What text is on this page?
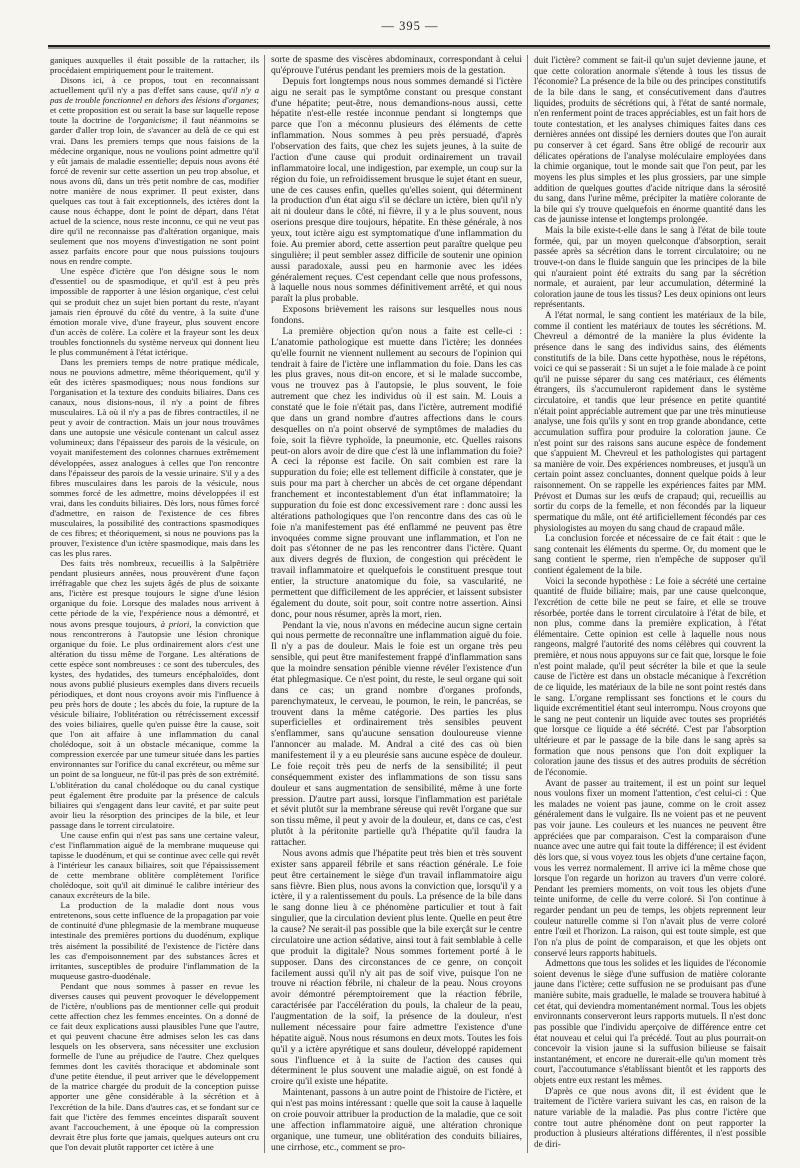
— 395 —

ganiques auxquelles il était possible de la rattacher, ils procédaient empiriquement pour le traitement.

Disons ici, à ce propos, tout en reconnaissant actuellement qu'il n'y a pas d'effet sans cause, qu'il n'y a pas de trouble fonctionnel en dehors des lésions d'organes; et cette proposition est ou serait la base sur laquelle repose toute la doctrine de l'organicisme; il faut néanmoins se garder d'aller trop loin, de s'avancer au delà de ce qui est vrai. Dans les premiers temps que nous faisions de la médecine organique, nous ne voulions point admettre qu'il y eût jamais de maladie essentielle; depuis nous avons été forcé de revenir sur cette assertion un peu trop absolue, et nous avons dû, dans un très petit nombre de cas, modifier notre manière de nous exprimer. Il peut exister, dans quelques cas tout à fait exceptionnels, des ictères dont la cause nous échappe, dont le point de départ, dans l'état actuel de la science, nous reste inconnu, ce qui ne veut pas dire qu'il ne reconnaisse pas d'altération organique, mais seulement que nos moyens d'investigation ne sont point assez parfaits encore pour que nous puissions toujours nous en rendre compte.

Une espèce d'ictère que l'on désigne sous le nom d'essentiel ou de spasmodique, et qu'il est à peu près impossible de rapporter à une lésion organique, c'est celui qui se produit chez un sujet bien portant du reste, n'ayant jamais rien éprouvé du côté du ventre, à la suite d'une émotion morale vive, d'une frayeur, plus souvent encore d'un accès de colère. La colère et la frayeur sont les deux troubles fonctionnels du système nerveux qui donnent lieu le plus communément à l'état ictérique.

Dans les premiers temps de notre pratique médicale, nous ne pouvions admettre, même théoriquement, qu'il y eût des ictères spasmodiques; nous nous fondions sur l'organisation et la texture des conduits biliaires. Dans ces canaux, nous disions-nous, il n'y a point de fibres musculaires. Là où il n'y a pas de fibres contractiles, il ne peut y avoir de contraction. Mais un jour nous trouvâmes dans une autopsie une vésicule contenant un calcul assez volumineux; dans l'épaisseur des parois de la vésicule, on voyait manifestement des colonnes charnues extrêmement développées, assez analogues à celles que l'on rencontre dans l'épaisseur des parois de la vessie urinaire. S'il y a des fibres musculaires dans les parois de la vésicule, nous sommes forcé de les admettre, moins développées il est vrai, dans les conduits biliaires. Dès lors, nous fûmes forcé d'admettre, en raison de l'existence de ces fibres musculaires, la possibilité des contractions spasmodiques de ces fibres; et théoriquement, si nous ne pouvions pas la prouver, l'existence d'un ictère spasmodique, mais dans les cas les plus rares.

Des faits très nombreux, recueillis à la Salpêtrière pendant plusieurs années, nous prouvèrent d'une façon irréfragable que chez les sujets âgés de plus de soixante ans, l'ictère est presque toujours le signe d'une lésion organique du foie. Lorsque des malades nous arrivent à cette période de la vie, l'expérience nous a démontré, et nous avons presque toujours, à priori, la conviction que nous rencontrerons à l'autopsie une lésion chronique organique du foie. Le plus ordinairement alors c'est une altération du tissu même de l'organe. Les altérations de cette espèce sont nombreuses : ce sont des tubercules, des kystes, des hydatides, des tumeurs encéphaloïdes, dont nous avons publié plusieurs exemples dans divers recueils périodiques, et dont nous croyons avoir mis l'influence à peu près hors de doute ; les abcès du foie, la rupture de la vésicule biliaire, l'oblitération ou rétrécissement excessif des voies biliaires, quelle qu'en puisse être la cause, soit que l'on ait affaire à une inflammation du canal cholédoque, soit à un obstacle mécanique, comme la compression exercée par une tumeur située dans les parties environnantes sur l'orifice du canal excréteur, ou même sur un point de sa longueur, ne fût-il pas près de son extrémité. L'oblitération du canal cholédoque ou du canal cystique peut également être produite par la présence de calculs biliaires qui s'engagent dans leur cavité, et par suite peut avoir lieu la résorption des principes de la bile, et leur passage dans le torrent circulatoire.

Une cause enfin qui n'est pas sans une certaine valeur, c'est l'inflammation aiguë de la membrane muqueuse qui tapisse le duodénum, et qui se continue avec celle qui revêt à l'intérieur les canaux biliaires, soit que l'épaississement de cette membrane oblitère complètement l'orifice cholédoque, soit qu'il ait diminué le calibre intérieur des canaux excréteurs de la bile.

La production de la maladie dont nous vous entretenons, sous cette influence de la propagation par voie de continuité d'une phlegmasie de la membrane muqueuse intestinale des premières portions du duodénum, explique très aisément la possibilité de l'existence de l'ictère dans les cas d'empoisonnement par des substances âcres et irritantes, susceptibles de produire l'inflammation de la muqueuse gastro-duodénale.

Pendant que nous sommes à passer en revue les diverses causes qui peuvent provoquer le développement de l'ictère, n'oublions pas de mentionner celle qui produit cette affection chez les femmes enceintes. On a donné de ce fait deux explications aussi plausibles l'une que l'autre, et qui peuvent chacune être admises selon les cas dans lesquels on les observera, sans nécessiter une exclusion formelle de l'une au préjudice de l'autre. Chez quelques femmes dont les cavités thoracique et abdominale sont d'une petite étendue, il peut arriver que le développement de la matrice chargée du produit de la conception puisse apporter une gêne considérable à la sécrétion et à l'excrétion de la bile. Dans d'autres cas, et se fondant sur ce fait que l'ictère des femmes enceintes disparaît souvent avant l'accouchement, à une époque où la compression devrait être plus forte que jamais, quelques auteurs ont cru que l'on devait plutôt rapporter cet ictère à une

sorte de spasme des viscères abdominaux, correspondant à celui qu'éprouve l'utérus pendant les premiers mois de la gestation.

Depuis fort longtemps nous nous sommes demandé si l'ictère aigu ne serait pas le symptôme constant ou presque constant d'une hépatite; peut-être, nous demandions-nous aussi, cette hépatite n'est-elle restée inconnue pendant si longtemps que parce que l'on a méconnu plusieurs des éléments de cette inflammation. Nous sommes à peu près persuadé, d'après l'observation des faits, que chez les sujets jeunes, à la suite de l'action d'une cause qui produit ordinairement un travail inflammatoire local, une indigestion, par exemple, un coup sur la région du foie, un refroidissement brusque le sujet étant en sueur, une de ces causes enfin, quelles qu'elles soient, qui déterminent la production d'un état aigu s'il se déclare un ictère, bien qu'il n'y ait ni douleur dans le côté, ni fièvre, il y a le plus souvent, nous oserions presque dire toujours, hépatite. En thèse générale, à nos yeux, tout ictère aigu est symptomatique d'une inflammation du foie. Au premier abord, cette assertion peut paraître quelque peu singulière; il peut sembler assez difficile de soutenir une opinion aussi paradoxale, aussi peu en harmonie avec les idées généralement reçues. C'est cependant celle que nous professons, à laquelle nous nous sommes définitivement arrêté, et qui nous paraît la plus probable.

Exposons brièvement les raisons sur lesquelles nous nous fondons.

La première objection qu'on nous a faite est celle-ci : L'anatomie pathologique est muette dans l'ictère; les données qu'elle fournit ne viennent nullement au secours de l'opinion qui tendrait à faire de l'ictère une inflammation du foie. Dans les cas les plus graves, nous dit-on encore, et si le malade succombe, vous ne trouvez pas à l'autopsie, le plus souvent, le foie autrement que chez les individus où il est sain. M. Louis a constaté que le foie n'était pas, dans l'ictère, autrement modifié que dans un grand nombre d'autres affections dans le cours desquelles on n'a point observé de symptômes de maladies du foie, soit la fièvre typhoïde, la pneumonie, etc. Quelles raisons peut-on alors avoir de dire que c'est là une inflammation du foie? A ceci la réponse est facile. On sait combien est rare la suppuration du foie; elle est tellement difficile à constater, que je suis pour ma part à chercher un abcès de cet organe dépendant franchement et incontestablement d'un état inflammatoire; la suppuration du foie est donc excessivement rare : donc aussi les altérations pathologiques que l'on rencontre dans des cas où le foie n'a manifestement pas été enflammé ne peuvent pas être invoquées comme signe prouvant une inflammation, et l'on ne doit pas s'étonner de ne pas les rencontrer dans l'ictère. Quant aux divers degrés de fluxion, de congestion qui précèdent le travail inflammatoire et quelquefois le constituent presque tout entier, la structure anatomique du foie, sa vascularité, ne permettent que difficilement de les apprécier, et laissent subsister également du doute, soit pour, soit contre notre assertion. Ainsi donc, pour nous résumer, après la mort, rien.

Pendant la vie, nous n'avons en médecine aucun signe certain qui nous permette de reconnaître une inflammation aiguë du foie. Il n'y a pas de douleur. Mais le foie est un organe très peu sensible, qui peut être manifestement frappé d'inflammation sans que la moindre sensation pénible vienne révéler l'existence d'un état phlegmasique. Ce n'est point, du reste, le seul organe qui soit dans ce cas; un grand nombre d'organes profonds, parenchymateux, le cerveau, le poumon, le rein, le pancréas, se trouvent dans la même catégorie. Des parties les plus superficielles et ordinairement très sensibles peuvent s'enflammer, sans qu'aucune sensation douloureuse vienne l'annoncer au malade. M. Andral a cité des cas où bien manifestement il y a eu pleurésie sans aucune espèce de douleur. Le foie reçoit très peu de nerfs de la sensibilité; il peut conséquemment exister des inflammations de son tissu sans douleur et sans augmentation de sensibilité, même à une forte pression. D'autre part aussi, lorsque l'inflammation est pariétale et sévit plutôt sur la membrane séreuse qui revêt l'organe que sur son tissu même, il peut y avoir de la douleur, et, dans ce cas, c'est plutôt à la péritonite partielle qu'à l'hépatite qu'il faudra la rattacher.

Nous avons admis que l'hépatite peut très bien et très souvent exister sans appareil fébrile et sans réaction générale. Le foie peut être certainement le siège d'un travail inflammatoire aigu sans fièvre. Bien plus, nous avons la conviction que, lorsqu'il y a ictère, il y a ralentissement du pouls. La présence de la bile dans le sang donne lieu à ce phénomène particulier et tout à fait singulier, que la circulation devient plus lente. Quelle en peut être la cause? Ne serait-il pas possible que la bile exerçât sur le centre circulatoire une action sédative, ainsi tout à fait semblable à celle que produit la digitale? Nous sommes fortement porté à le supposer. Dans des circonstances de ce genre, on conçoit facilement aussi qu'il n'y ait pas de soif vive, puisque l'on ne trouve ni réaction fébrile, ni chaleur de la peau. Nous croyons avoir démontré péremptoirement que la réaction fébrile, caractérisée par l'accélération du pouls, la chaleur de la peau, l'augmentation de la soif, la présence de la douleur, n'est nullement nécessaire pour faire admettre l'existence d'une hépatite aiguë. Nous nous résumons en deux mots. Toutes les fois qu'il y a ictère apyrétique et sans douleur, développé rapidement sous l'influence et à la suite de l'action des causes qui déterminent le plus souvent une maladie aiguë, on est fondé à croire qu'il existe une hépatite.

Maintenant, passons à un autre point de l'histoire de l'ictère, et qui n'est pas moins intéressant : quelle que soit la cause à laquelle on croie pouvoir attribuer la production de la maladie, que ce soit une affection inflammatoire aiguë, une altération chronique organique, une tumeur, une oblitération des conduits biliaires, une cirrhose, etc., comment se pro-

duit l'ictère? comment se fait-il qu'un sujet devienne jaune, et que cette coloration anormale s'étende à tous les tissus de l'économie? La présence de la bile ou des principes constitutifs de la bile dans le sang, et consécutivement dans d'autres liquides, produits de sécrétions qui, à l'état de santé normale, n'en renferment point de traces appréciables, est un fait hors de toute contestation, et les analyses chimiques faites dans ces dernières années ont dissipé les derniers doutes que l'on aurait pu conserver à cet égard. Sans être obligé de recourir aux délicates opérations de l'analyse moléculaire employées dans la chimie organique, tout le monde sait que l'on peut, par les moyens les plus simples et les plus grossiers, par une simple addition de quelques gouttes d'acide nitrique dans la sérosité du sang, dans l'urine même, précipiter la matière colorante de la bile qui s'y trouve quelquefois en énorme quantité dans les cas de jaunisse intense et longtemps prolongée.

Mais la bile existe-t-elle dans le sang à l'état de bile toute formée, qui, par un moyen quelconque d'absorption, serait passée après sa sécrétion dans le torrent circulatoire; ou ne trouve-t-on dans le fluide sanguin que les principes de la bile qui n'auraient point été extraits du sang par la sécrétion normale, et auraient, par leur accumulation, déterminé la coloration jaune de tous les tissus? Les deux opinions ont leurs représentants.

A l'état normal, le sang contient les matériaux de la bile, comme il contient les matériaux de toutes les sécrétions. M. Chevreul a démontré de la manière la plus évidente la présence dans le sang des individus sains, des éléments constitutifs de la bile. Dans cette hypothèse, nous le répétons, voici ce qui se passerait : Si un sujet a le foie malade à ce point qu'il ne puisse séparer du sang ces matériaux, ces éléments étrangers, ils s'accumuleront rapidement dans le système circulatoire, et tandis que leur présence en petite quantité n'était point appréciable autrement que par une très minutieuse analyse, une fois qu'ils y sont en trop grande abondance, cette accumulation suffira pour produire la coloration jaune. Ce n'est point sur des raisons sans aucune espèce de fondement que s'appuient M. Chevreul et les pathologistes qui partagent sa manière de voir. Des expériences nombreuses, et jusqu'à un certain point assez concluantes, donnent quelque poids à leur raisonnement. On se rappelle les expériences faites par MM. Prévost et Dumas sur les œufs de crapaud; qui, recueillis au sortir du corps de la femelle, et non fécondés par la liqueur spermatique du mâle, ont été artificiellement fécondés par ces physiologistes au moyen du sang chaud de crapaud mâle.

La conclusion forcée et nécessaire de ce fait était : que le sang contenait les éléments du sperme. Or, du moment que le sang contient le sperme, rien n'empêche de supposer qu'il contient également de la bile.

Voici la seconde hypothèse : Le foie a sécrété une certaine quantité de fluide biliaire; mais, par une cause quelconque, l'excrétion de cette bile ne peut se faire, et elle se trouve résorbée, portée dans le torrent circulatoire à l'état de bile, et non plus, comme dans la première explication, à l'état élémentaire. Cette opinion est celle à laquelle nous nous rangeons, malgré l'autorité des noms célèbres qui couvrent la première, et nous nous appuyons sur ce fait que, lorsque le foie n'est point malade, qu'il peut sécréter la bile et que la seule cause de l'ictère est dans un obstacle mécanique à l'excrétion de ce liquide, les matériaux de la bile ne sont point restés dans le sang. L'organe remplissant ses fonctions et le cours du liquide excrémentitiel étant seul interrompu. Nous croyons que le sang ne peut contenir un liquide avec toutes ses propriétés que lorsque ce liquide a été sécrété. C'est par l'absorption ultérieure et par le passage de la bile dans le sang après sa formation que nous pensons que l'on doit expliquer la coloration jaune des tissus et des autres produits de sécrétion de l'économie.

Avant de passer au traitement, il est un point sur lequel nous voulons fixer un moment l'attention, c'est celui-ci : Que les malades ne voient pas jaune, comme on le croit assez généralement dans le vulgaire. Ils ne voient pas et ne peuvent pas voir jaune. Les couleurs et les nuances ne peuvent être appréciées que par comparaison. C'est la comparaison d'une nuance avec une autre qui fait toute la différence; il est évident dès lors que, si vous voyez tous les objets d'une certaine façon, vous les verrez normalement. Il arrive ici la même chose que lorsque l'on regarde un horizon au travers d'un verre coloré. Pendant les premiers moments, on voit tous les objets d'une teinte uniforme, de celle du verre coloré. Si l'on continue à regarder pendant un peu de temps, les objets reprennent leur couleur naturelle comme si l'on n'avait plus de verre coloré entre l'œil et l'horizon. La raison, qui est toute simple, est que l'on n'a plus de point de comparaison, et que les objets ont conservé leurs rapports habituels.

Admettons que tous les solides et les liquides de l'économie soient devenus le siège d'une suffusion de matière colorante jaune dans l'ictère; cette suffusion ne se produisant pas d'une manière subite, mais graduelle, le malade se trouvera habitué à cet état, qui deviendra momentanément normal. Tous les objets environnants conserveront leurs rapports mutuels. Il n'est donc pas possible que l'individu aperçoive de différence entre cet état nouveau et celui qui l'a précédé. Tout au plus pourrait-on concevoir la vision jaune si la suffusion bilieuse se faisait instantanément, et encore ne durerait-elle qu'un moment très court, l'accoutumance s'établissant bientôt et les rapports des objets entre eux restant les mêmes.

D'après ce que nous avons dit, il est évident que le traitement de l'ictère variera suivant les cas, en raison de la nature variable de la maladie. Pas plus contre l'ictère que contre tout autre phénomène dont on peut rapporter la production à plusieurs altérations différentes, il n'est possible de diri-
